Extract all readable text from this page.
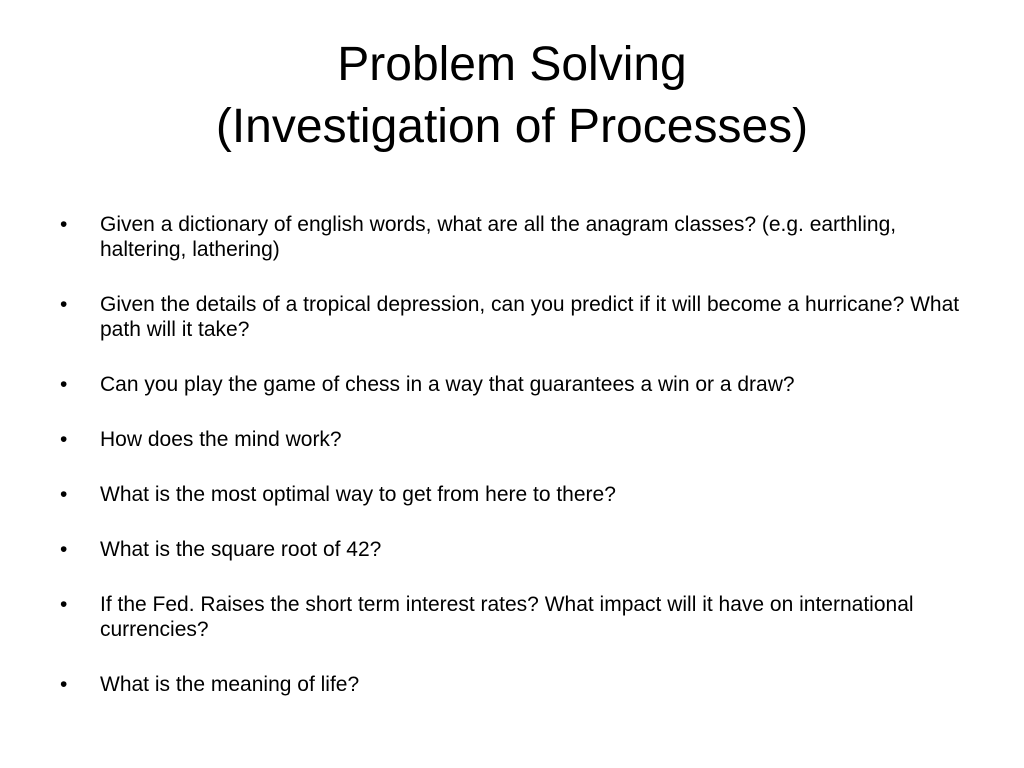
Problem Solving
(Investigation of Processes)
• Given a dictionary of english words, what are all the anagram classes? (e.g. earthling, haltering, lathering)
• Given the details of a tropical depression, can you predict if it will become a hurricane? What path will it take?
• Can you play the game of chess in a way that guarantees a win or a draw?
• How does the mind work?
• What is the most optimal way to get from here to there?
• What is the square root of 42?
• If the Fed. Raises the short term interest rates? What impact will it have on international currencies?
• What is the meaning of life?
